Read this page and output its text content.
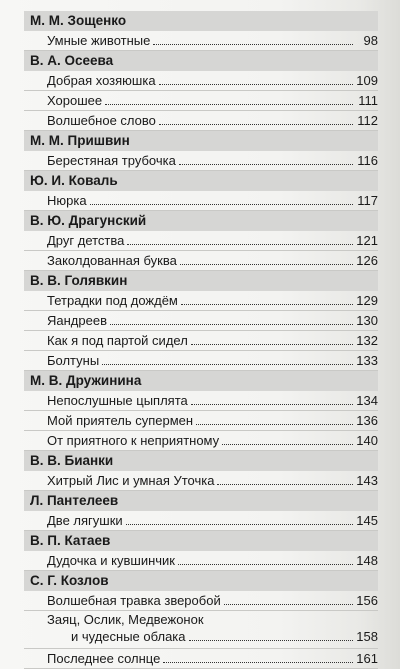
М. М. Зощенко
Умные животные	98
В. А. Осеева
Добрая хозяюшка	109
Хорошее	111
Волшебное слово	112
М. М. Пришвин
Берестяная трубочка	116
Ю. И. Коваль
Нюрка	117
В. Ю. Драгунский
Друг детства	121
Заколдованная буква	126
В. В. Голявкин
Тетрадки под дождём	129
Яандреев	130
Как я под партой сидел	132
Болтуны	133
М. В. Дружинина
Непослушные цыплята	134
Мой приятель супермен	136
От приятного к неприятному	140
В. В. Бианки
Хитрый Лис и умная Уточка	143
Л. Пантелеев
Две лягушки	145
В. П. Катаев
Дудочка и кувшинчик	148
С. Г. Козлов
Волшебная травка зверобой	156
Заяц, Ослик, Медвежонок
и чудесные облака	158
Последнее солнце	161
